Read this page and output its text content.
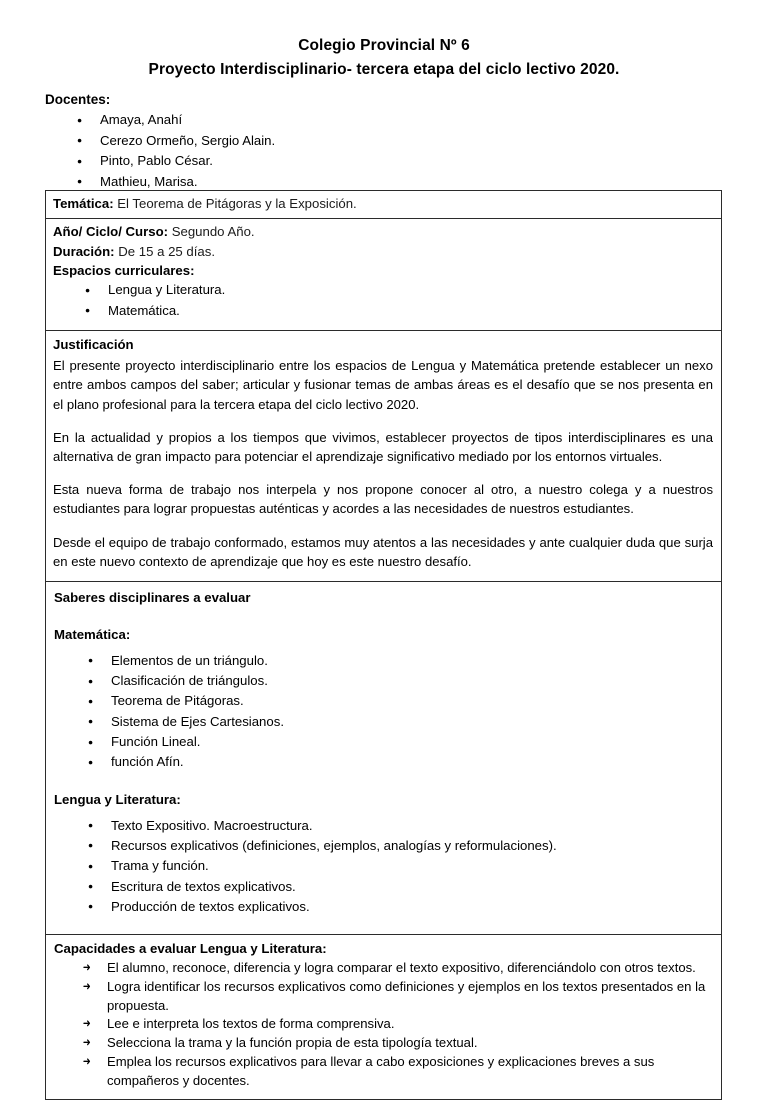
Colegio Provincial Nº 6
Proyecto Interdisciplinario- tercera etapa del ciclo lectivo 2020.
Docentes:
● Amaya, Anahí
● Cerezo Ormeño, Sergio Alain.
● Pinto, Pablo César.
● Mathieu, Marisa.
Temática: El Teorema de Pitágoras y la Exposición.
Año/ Ciclo/ Curso: Segundo Año.
Duración: De 15 a 25 días.
Espacios curriculares:
● Lengua y Literatura.
● Matemática.
Justificación

El presente proyecto interdisciplinario entre los espacios de Lengua y Matemática pretende establecer un nexo entre ambos campos del saber; articular y fusionar temas de ambas áreas es el desafío que se nos presenta en el plano profesional para la tercera etapa del ciclo lectivo 2020.

En la actualidad y propios a los tiempos que vivimos, establecer proyectos de tipos interdisciplinares es una alternativa de gran impacto para potenciar el aprendizaje significativo mediado por los entornos virtuales.

Esta nueva forma de trabajo nos interpela y nos propone conocer al otro, a nuestro colega y a nuestros estudiantes para lograr propuestas auténticas y acordes a las necesidades de nuestros estudiantes.

Desde el equipo de trabajo conformado, estamos muy atentos a las necesidades y ante cualquier duda que surja en este nuevo contexto de aprendizaje que hoy es este nuestro desafío.

Saberes disciplinares a evaluar
Matemática:
● Elementos de un triángulo.
● Clasificación de triángulos.
● Teorema de Pitágoras.
● Sistema de Ejes Cartesianos.
● Función Lineal.
● función Afín.
Lengua y Literatura:
● Texto Expositivo. Macroestructura.
● Recursos explicativos (definiciones, ejemplos, analogías y reformulaciones).
● Trama y función.
● Escritura de textos explicativos.
● Producción de textos explicativos.
Capacidades a evaluar Lengua y Literatura:
➜ El alumno, reconoce, diferencia y logra comparar el texto expositivo, diferenciándolo con otros textos.
➜ Logra identificar los recursos explicativos como definiciones y ejemplos en los textos presentados en la propuesta.
➜ Lee e interpreta los textos de forma comprensiva.
➜ Selecciona la trama y la función propia de esta tipología textual.
➜ Emplea los recursos explicativos para llevar a cabo exposiciones y explicaciones breves a sus compañeros y docentes.
